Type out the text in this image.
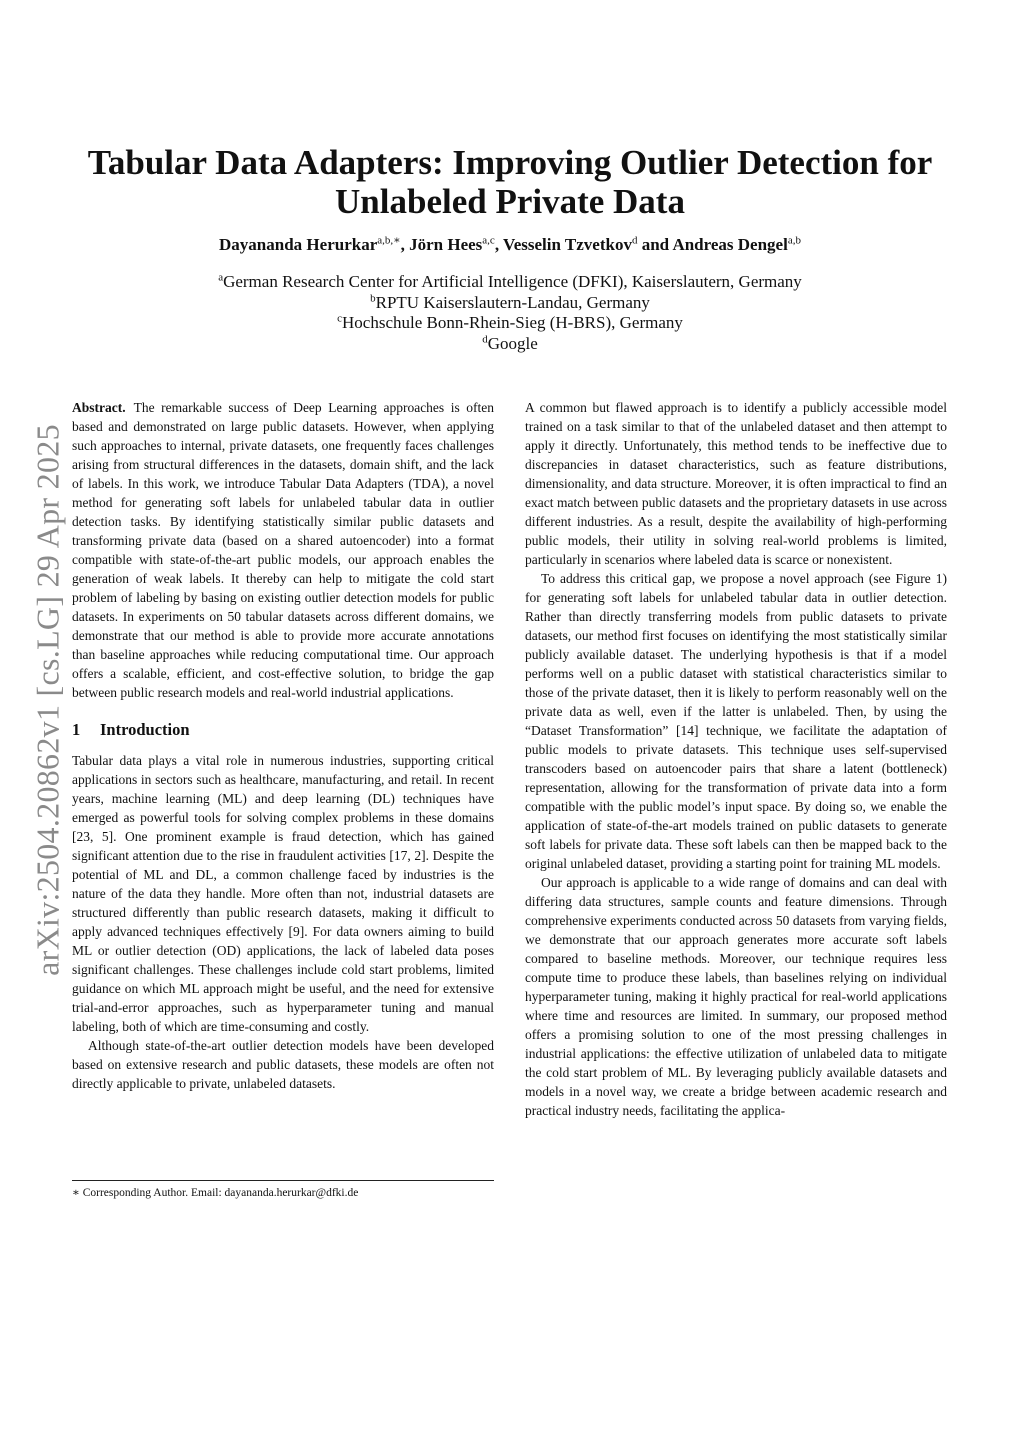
arXiv:2504.20862v1 [cs.LG] 29 Apr 2025
Tabular Data Adapters: Improving Outlier Detection for
Unlabeled Private Data
Dayananda Herurkar$^{a,b,∗}$, Jörn Hees$^{a,c}$, Vesselin Tzvetkov$^d$ and Andreas Dengel$^{a,b}$
$^a$German Research Center for Artificial Intelligence (DFKI), Kaiserslautern, Germany
$^b$RPTU Kaiserslautern-Landau, Germany
$^c$Hochschule Bonn-Rhein-Sieg (H-BRS), Germany
$^d$Google

Abstract. The remarkable success of Deep Learning approaches is often based and demonstrated on large public datasets. However, when applying such approaches to internal, private datasets, one frequently faces challenges arising from structural differences in the datasets, domain shift, and the lack of labels. In this work, we introduce Tabular Data Adapters (TDA), a novel method for generating soft labels for unlabeled tabular data in outlier detection tasks. By identifying statistically similar public datasets and transforming private data (based on a shared autoencoder) into a format compatible with state-of-the-art public models, our approach enables the generation of weak labels. It thereby can help to mitigate the cold start problem of labeling by basing on existing outlier detection models for public datasets. In experiments on 50 tabular datasets across different domains, we demonstrate that our method is able to provide more accurate annotations than baseline approaches while reducing computational time. Our approach offers a scalable, efficient, and cost-effective solution, to bridge the gap between public research models and real-world industrial applications.

1 Introduction

Tabular data plays a vital role in numerous industries, supporting critical applications in sectors such as healthcare, manufacturing, and retail. In recent years, machine learning (ML) and deep learning (DL) techniques have emerged as powerful tools for solving complex problems in these domains [23, 5]. One prominent example is fraud detection, which has gained significant attention due to the rise in fraudulent activities [17, 2]. Despite the potential of ML and DL, a common challenge faced by industries is the nature of the data they handle. More often than not, industrial datasets are structured differently than public research datasets, making it difficult to apply advanced techniques effectively [9]. For data owners aiming to build ML or outlier detection (OD) applications, the lack of labeled data poses significant challenges. These challenges include cold start problems, limited guidance on which ML approach might be useful, and the need for extensive trial-and-error approaches, such as hyperparameter tuning and manual labeling, both of which are time-consuming and costly.

Although state-of-the-art outlier detection models have been developed based on extensive research and public datasets, these models are often not directly applicable to private, unlabeled datasets.

A common but flawed approach is to identify a publicly accessible model trained on a task similar to that of the unlabeled dataset and then attempt to apply it directly. Unfortunately, this method tends to be ineffective due to discrepancies in dataset characteristics, such as feature distributions, dimensionality, and data structure. Moreover, it is often impractical to find an exact match between public datasets and the proprietary datasets in use across different industries. As a result, despite the availability of high-performing public models, their utility in solving real-world problems is limited, particularly in scenarios where labeled data is scarce or nonexistent.

To address this critical gap, we propose a novel approach (see Figure 1) for generating soft labels for unlabeled tabular data in outlier detection. Rather than directly transferring models from public datasets to private datasets, our method first focuses on identifying the most statistically similar publicly available dataset. The underlying hypothesis is that if a model performs well on a public dataset with statistical characteristics similar to those of the private dataset, then it is likely to perform reasonably well on the private data as well, even if the latter is unlabeled. Then, by using the “Dataset Transformation” [14] technique, we facilitate the adaptation of public models to private datasets. This technique uses self-supervised transcoders based on autoencoder pairs that share a latent (bottleneck) representation, allowing for the transformation of private data into a form compatible with the public model’s input space. By doing so, we enable the application of state-of-the-art models trained on public datasets to generate soft labels for private data. These soft labels can then be mapped back to the original unlabeled dataset, providing a starting point for training ML models.

Our approach is applicable to a wide range of domains and can deal with differing data structures, sample counts and feature dimensions. Through comprehensive experiments conducted across 50 datasets from varying fields, we demonstrate that our approach generates more accurate soft labels compared to baseline methods. Moreover, our technique requires less compute time to produce these labels, than baselines relying on individual hyperparameter tuning, making it highly practical for real-world applications where time and resources are limited. In summary, our proposed method offers a promising solution to one of the most pressing challenges in industrial applications: the effective utilization of unlabeled data to mitigate the cold start problem of ML. By leveraging publicly available datasets and models in a novel way, we create a bridge between academic research and practical industry needs, facilitating the applica-

∗ Corresponding Author. Email: dayananda.herurkar@dfki.de
